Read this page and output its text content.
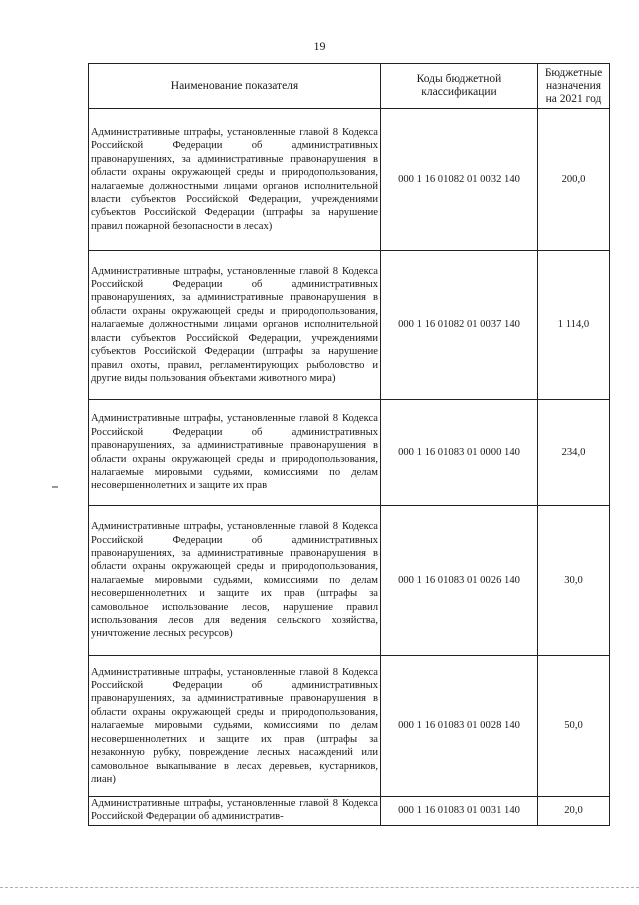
19
Наименование показателя	Коды бюджетной классификации	Бюджетные назначения на 2021 год
Административные штрафы, установленные главой 8 Кодекса Российской Федерации об административных правонарушениях, за административные правонарушения в области охраны окружающей среды и природопользования, налагаемые должностными лицами органов исполнительной власти субъектов Российской Федерации, учреждениями субъектов Российской Федерации (штрафы за нарушение правил пожарной безопасности в лесах)	000 1 16 01082 01 0032 140	200,0
Административные штрафы, установленные главой 8 Кодекса Российской Федерации об административных правонарушениях, за административные правонарушения в области охраны окружающей среды и природопользования, налагаемые должностными лицами органов исполнительной власти субъектов Российской Федерации, учреждениями субъектов Российской Федерации (штрафы за нарушение правил охоты, правил, регламентирующих рыболовство и другие виды пользования объектами животного мира)	000 1 16 01082 01 0037 140	1 114,0
Административные штрафы, установленные главой 8 Кодекса Российской Федерации об административных правонарушениях, за административные правонарушения в области охраны окружающей среды и природопользования, налагаемые мировыми судьями, комиссиями по делам несовершеннолетних и защите их прав	000 1 16 01083 01 0000 140	234,0
Административные штрафы, установленные главой 8 Кодекса Российской Федерации об административных правонарушениях, за административные правонарушения в области охраны окружающей среды и природопользования, налагаемые мировыми судьями, комиссиями по делам несовершеннолетних и защите их прав (штрафы за самовольное использование лесов, нарушение правил использования лесов для ведения сельского хозяйства, уничтожение лесных ресурсов)	000 1 16 01083 01 0026 140	30,0
Административные штрафы, установленные главой 8 Кодекса Российской Федерации об административных правонарушениях, за административные правонарушения в области охраны окружающей среды и природопользования, налагаемые мировыми судьями, комиссиями по делам несовершеннолетних и защите их прав (штрафы за незаконную рубку, повреждение лесных насаждений или самовольное выкапывание в лесах деревьев, кустарников, лиан)	000 1 16 01083 01 0028 140	50,0

Административные штрафы, установленные главой 8 Кодекса Российской Федерации об административ-	000 1 16 01083 01 0031 140	20,0
